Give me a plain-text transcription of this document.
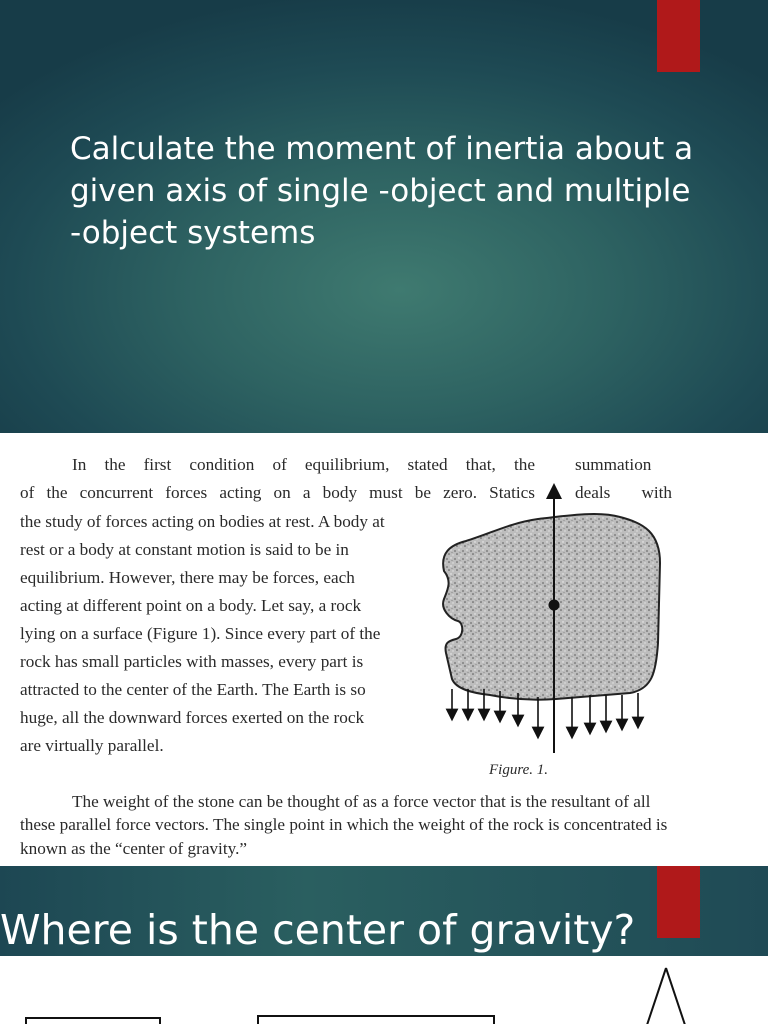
Calculate the moment of inertia about a given axis of single -object and multiple -object systems
In the first condition of equilibrium, stated that, the summation
of the concurrent forces acting on a body must be zero. Statics deals with
the study of forces acting on bodies at rest. A body at
rest or a body at constant motion is said to be in
equilibrium. However, there may be forces, each
acting at different point on a body. Let say, a rock
lying on a surface (Figure 1). Since every part of the
rock has small particles with masses, every part is
attracted to the center of the Earth. The Earth is so
huge, all the downward forces exerted on the rock
are virtually parallel.
Figure. 1.
The weight of the stone can be thought of as a force vector that is the resultant of all these parallel force vectors. The single point in which the weight of the rock is concentrated is known as the “center of gravity.”
Where is the center of gravity?
